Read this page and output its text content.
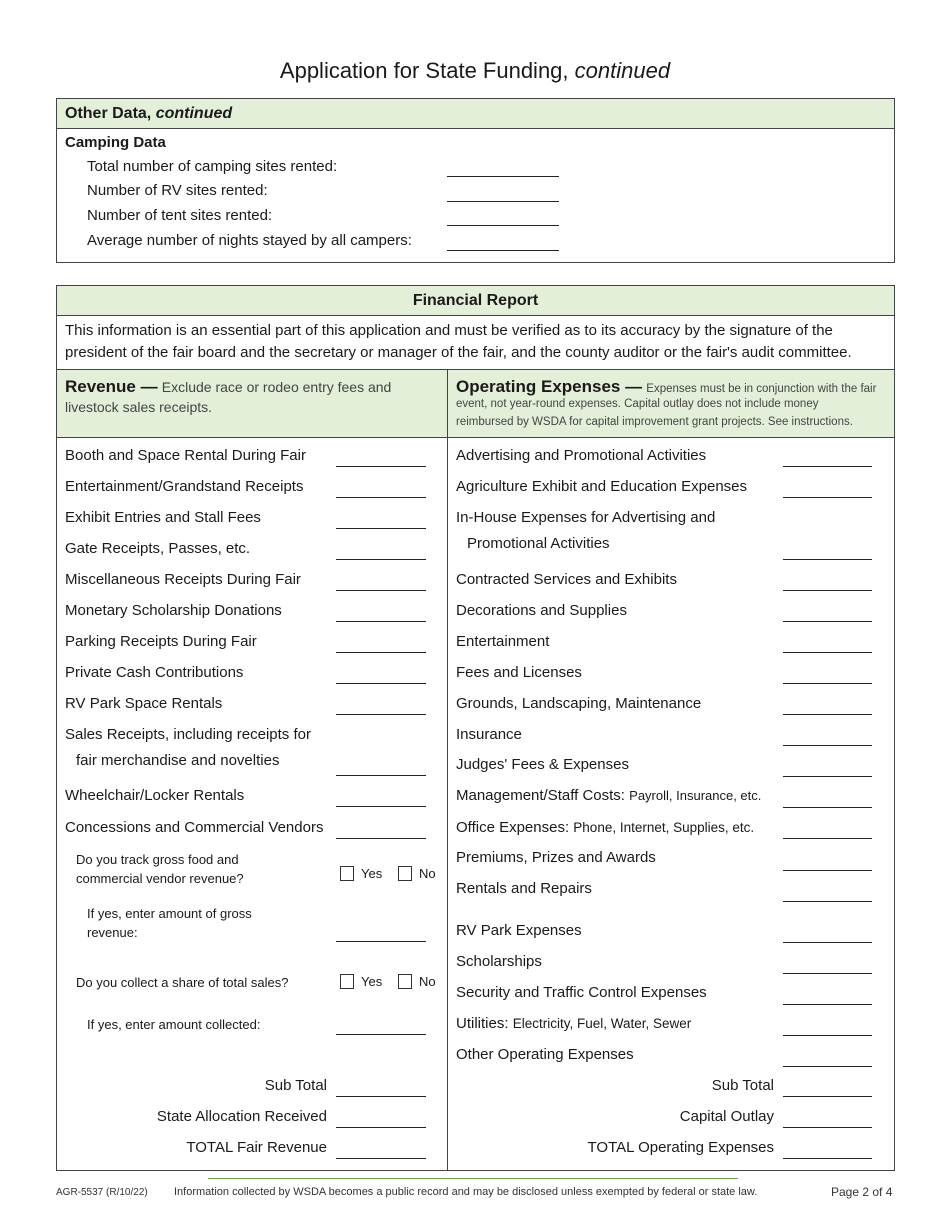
Application for State Funding, continued
Other Data, continued
Camping Data
Total number of camping sites rented:
Number of RV sites rented:
Number of tent sites rented:
Average number of nights stayed by all campers:
Financial Report
This information is an essential part of this application and must be verified as to its accuracy by the signature of the
president of the fair board and the secretary or manager of the fair, and the county auditor or the fair's audit committee.
Revenue — Exclude race or rodeo entry fees and
livestock sales receipts.
Operating Expenses — Expenses must be in conjunction with the fair
event, not year-round expenses. Capital outlay does not include money
reimbursed by WSDA for capital improvement grant projects. See instructions.
Booth and Space Rental During Fair
Entertainment/Grandstand Receipts
Exhibit Entries and Stall Fees
Gate Receipts, Passes, etc.
Miscellaneous Receipts During Fair
Monetary Scholarship Donations
Parking Receipts During Fair
Private Cash Contributions
RV Park Space Rentals
Sales Receipts, including receipts for
fair merchandise and novelties
Wheelchair/Locker Rentals
Concessions and Commercial Vendors
Do you track gross food and
commercial vendor revenue?	Yes	No
If yes, enter amount of gross
revenue:
Do you collect a share of total sales?	Yes	No
If yes, enter amount collected:
Sub Total
State Allocation Received
TOTAL Fair Revenue
Advertising and Promotional Activities
Agriculture Exhibit and Education Expenses
In-House Expenses for Advertising and
Promotional Activities
Contracted Services and Exhibits
Decorations and Supplies
Entertainment
Fees and Licenses
Grounds, Landscaping, Maintenance
Insurance
Judges' Fees & Expenses
Management/Staff Costs: Payroll, Insurance, etc.
Office Expenses: Phone, Internet, Supplies, etc.
Premiums, Prizes and Awards
Rentals and Repairs
RV Park Expenses
Scholarships
Security and Traffic Control Expenses
Utilities: Electricity, Fuel, Water, Sewer
Other Operating Expenses
Sub Total
Capital Outlay
TOTAL Operating Expenses
AGR-5537 (R/10/22) Information collected by WSDA becomes a public record and may be disclosed unless exempted by federal or state law.	Page 2 of 4
